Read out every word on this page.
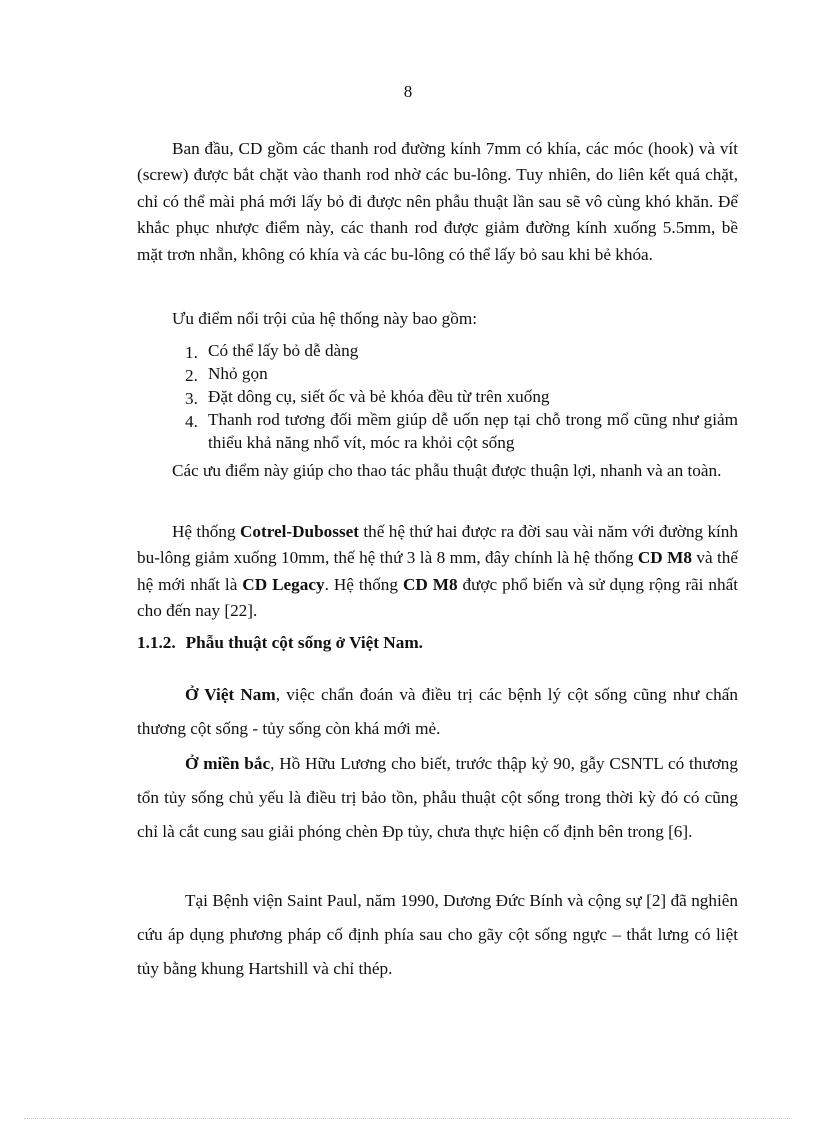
8

Ban đầu, CD gồm các thanh rod đường kính 7mm có khía, các móc (hook) và vít (screw) được bắt chặt vào thanh rod nhờ các bu-lông. Tuy nhiên, do liên kết quá chặt, chỉ có thể mài phá mới lấy bỏ đi được nên phẫu thuật lần sau sẽ vô cùng khó khăn. Để khắc phục nhược điểm này, các thanh rod được giảm đường kính xuống 5.5mm, bề mặt trơn nhẵn, không có khía và các bu-lông có thể lấy bỏ sau khi bẻ khóa.

Ưu điểm nổi trội của hệ thống này bao gồm:

1. Có thể lấy bỏ dễ dàng
2. Nhỏ gọn
3. Đặt dông cụ, siết ốc và bẻ khóa đều từ trên xuống
4. Thanh rod tương đối mềm giúp dễ uốn nẹp tại chỗ trong mổ cũng như giảm thiểu khả năng nhổ vít, móc ra khỏi cột sống

Các ưu điểm này giúp cho thao tác phẫu thuật được thuận lợi, nhanh và an toàn.

Hệ thống Cotrel-Dubosset thế hệ thứ hai được ra đời sau vài năm với đường kính bu-lông giảm xuống 10mm, thế hệ thứ 3 là 8 mm, đây chính là hệ thống CD M8 và thế hệ mới nhất là CD Legacy. Hệ thống CD M8 được phổ biến và sử dụng rộng rãi nhất cho đến nay [22].

1.1.2. Phẫu thuật cột sống ở Việt Nam.

Ở Việt Nam, việc chẩn đoán và điều trị các bệnh lý cột sống cũng như chấn thương cột sống - tủy sống còn khá mới mẻ.

Ở miền bắc, Hồ Hữu Lương cho biết, trước thập kỷ 90, gẫy CSNTL có thương tổn tủy sống chủ yếu là điều trị bảo tồn, phẫu thuật cột sống trong thời kỳ đó có cũng chỉ là cắt cung sau giải phóng chèn Ðp tủy, chưa thực hiện cố định bên trong [6].

Tại Bệnh viện Saint Paul, năm 1990, Dương Đức Bính và cộng sự [2] đã nghiên cứu áp dụng phương pháp cố định phía sau cho gãy cột sống ngực – thắt lưng có liệt tủy bằng khung Hartshill và chỉ thép.
